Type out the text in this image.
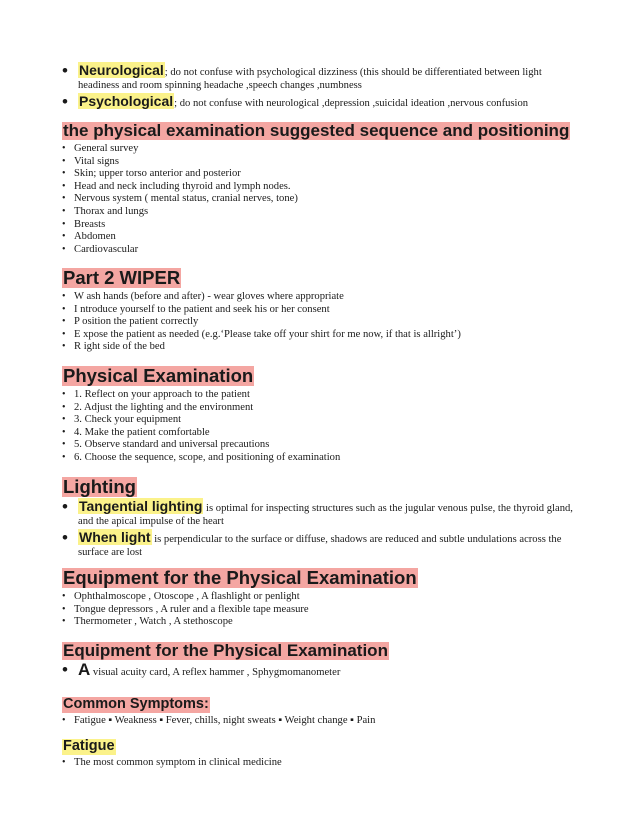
• Neurological; do not confuse with psychological dizziness (this should be differentiated between light headiness and room spinning headache ,speech changes ,numbness
• Psychological; do not confuse with neurological ,depression ,suicidal ideation ,nervous confusion
the physical examination suggested sequence and positioning
• General survey
• Vital signs
• Skin; upper torso anterior and posterior
• Head and neck including thyroid and lymph nodes.
• Nervous system ( mental status, cranial nerves, tone)
• Thorax and lungs
• Breasts
• Abdomen
• Cardiovascular
Part 2 WIPER
• W ash hands (before and after) - wear gloves where appropriate
• I ntroduce yourself to the patient and seek his or her consent
• P osition the patient correctly
• E xpose the patient as needed (e.g.‘Please take off your shirt for me now, if that is allright’)
• R ight side of the bed
Physical Examination
• 1. Reflect on your approach to the patient
• 2. Adjust the lighting and the environment
• 3. Check your equipment
• 4. Make the patient comfortable
• 5. Observe standard and universal precautions
• 6. Choose the sequence, scope, and positioning of examination
Lighting
• Tangential lighting is optimal for inspecting structures such as the jugular venous pulse, the thyroid gland, and the apical impulse of the heart
• When light is perpendicular to the surface or diffuse, shadows are reduced and subtle undulations across the surface are lost
Equipment for the Physical Examination
• Ophthalmoscope , Otoscope , A flashlight or penlight
• Tongue depressors , A ruler and a flexible tape measure
• Thermometer , Watch , A stethoscope
Equipment for the Physical Examination
• A visual acuity card, A reflex hammer , Sphygmomanometer
Common Symptoms:
• Fatigue ▪ Weakness ▪ Fever, chills, night sweats ▪ Weight change ▪ Pain
Fatigue
• The most common symptom in clinical medicine
